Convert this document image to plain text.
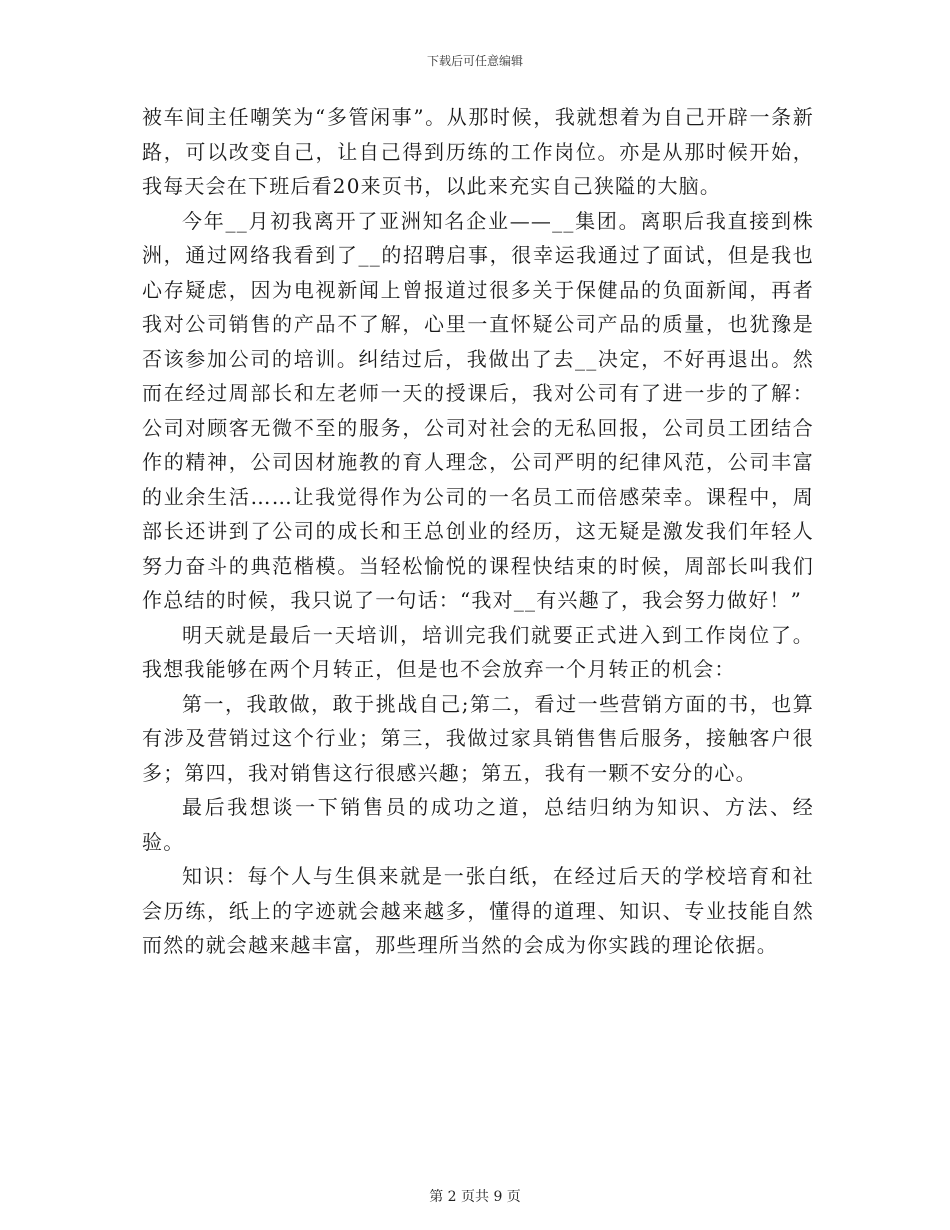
下载后可任意编辑

被车间主任嘲笑为“多管闲事”。从那时候，我就想着为自己开辟一条新路，可以改变自己，让自己得到历练的工作岗位。亦是从那时候开始，我每天会在下班后看20来页书，以此来充实自己狭隘的大脑。

今年__月初我离开了亚洲知名企业——__集团。离职后我直接到株洲，通过网络我看到了__的招聘启事，很幸运我通过了面试，但是我也心存疑虑，因为电视新闻上曾报道过很多关于保健品的负面新闻，再者我对公司销售的产品不了解，心里一直怀疑公司产品的质量，也犹豫是否该参加公司的培训。纠结过后，我做出了去__决定，不好再退出。然而在经过周部长和左老师一天的授课后，我对公司有了进一步的了解：公司对顾客无微不至的服务，公司对社会的无私回报，公司员工团结合作的精神，公司因材施教的育人理念，公司严明的纪律风范，公司丰富的业余生活……让我觉得作为公司的一名员工而倍感荣幸。课程中，周部长还讲到了公司的成长和王总创业的经历，这无疑是激发我们年轻人努力奋斗的典范楷模。当轻松愉悦的课程快结束的时候，周部长叫我们作总结的时候，我只说了一句话：“我对__有兴趣了，我会努力做好！”

明天就是最后一天培训，培训完我们就要正式进入到工作岗位了。我想我能够在两个月转正，但是也不会放弃一个月转正的机会：

第一，我敢做，敢于挑战自己;第二，看过一些营销方面的书，也算有涉及营销过这个行业；第三，我做过家具销售售后服务，接触客户很多；第四，我对销售这行很感兴趣；第五，我有一颗不安分的心。

最后我想谈一下销售员的成功之道，总结归纳为知识、方法、经验。

知识：每个人与生俱来就是一张白纸，在经过后天的学校培育和社会历练，纸上的字迹就会越来越多，懂得的道理、知识、专业技能自然而然的就会越来越丰富，那些理所当然的会成为你实践的理论依据。

第 2 页共 9 页
